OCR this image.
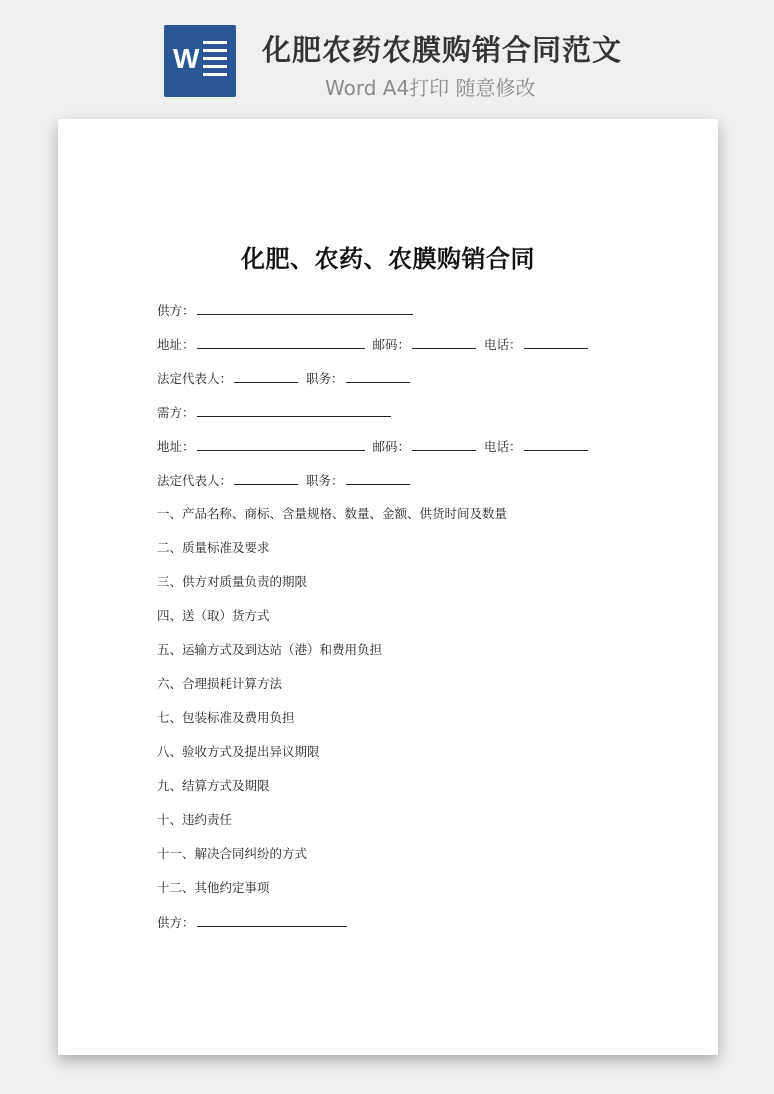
W 化肥农药农膜购销合同范文
Word A4打印 随意修改
化肥、农药、农膜购销合同
供方：
地址：	邮码：	电话：
法定代表人：	职务：
需方：
地址：	邮码：	电话：
法定代表人：	职务：
一、产品名称、商标、含量规格、数量、金额、供货时间及数量
二、质量标准及要求
三、供方对质量负责的期限
四、送（取）货方式
五、运输方式及到达站（港）和费用负担
六、合理损耗计算方法
七、包装标准及费用负担
八、验收方式及提出异议期限
九、结算方式及期限
十、违约责任
十一、解决合同纠纷的方式
十二、其他约定事项
供方：
